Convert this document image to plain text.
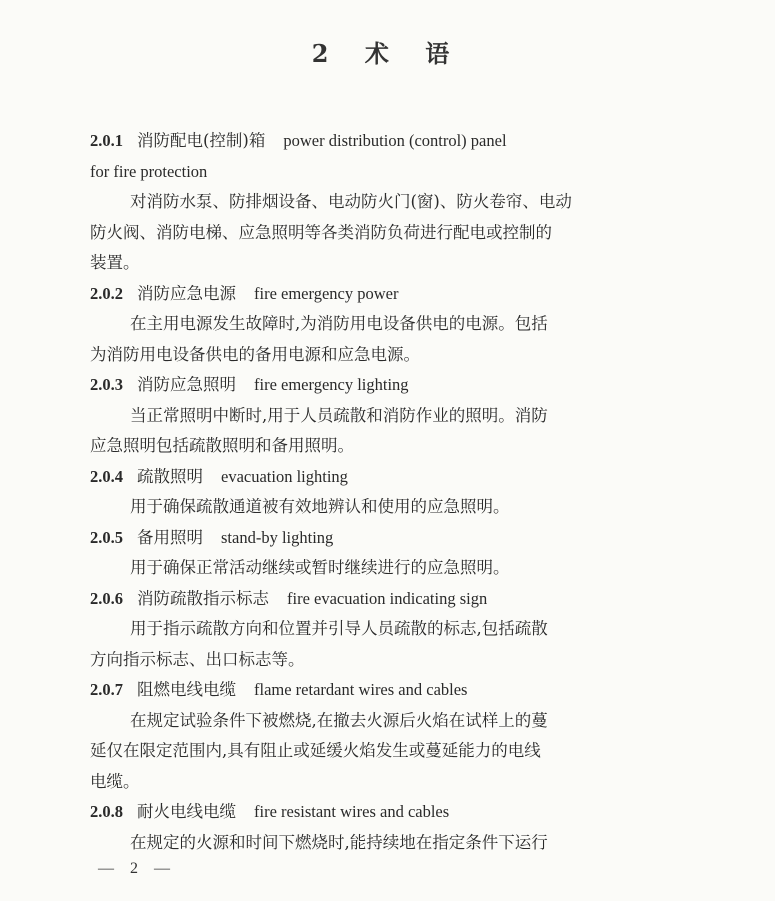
2 术 语
2.0.1 消防配电(控制)箱 power distribution (control) panel
for fire protection
对消防水泵、防排烟设备、电动防火门(窗)、防火卷帘、电动
防火阀、消防电梯、应急照明等各类消防负荷进行配电或控制的
装置。
2.0.2 消防应急电源 fire emergency power
在主用电源发生故障时,为消防用电设备供电的电源。包括
为消防用电设备供电的备用电源和应急电源。
2.0.3 消防应急照明 fire emergency lighting
当正常照明中断时,用于人员疏散和消防作业的照明。消防
应急照明包括疏散照明和备用照明。
2.0.4 疏散照明 evacuation lighting
用于确保疏散通道被有效地辨认和使用的应急照明。
2.0.5 备用照明 stand-by lighting
用于确保正常活动继续或暂时继续进行的应急照明。
2.0.6 消防疏散指示标志 fire evacuation indicating sign
用于指示疏散方向和位置并引导人员疏散的标志,包括疏散
方向指示标志、出口标志等。
2.0.7 阻燃电线电缆 flame retardant wires and cables
在规定试验条件下被燃烧,在撤去火源后火焰在试样上的蔓
延仅在限定范围内,具有阻止或延缓火焰发生或蔓延能力的电线
电缆。
2.0.8 耐火电线电缆 fire resistant wires and cables
在规定的火源和时间下燃烧时,能持续地在指定条件下运行
— 2 —
